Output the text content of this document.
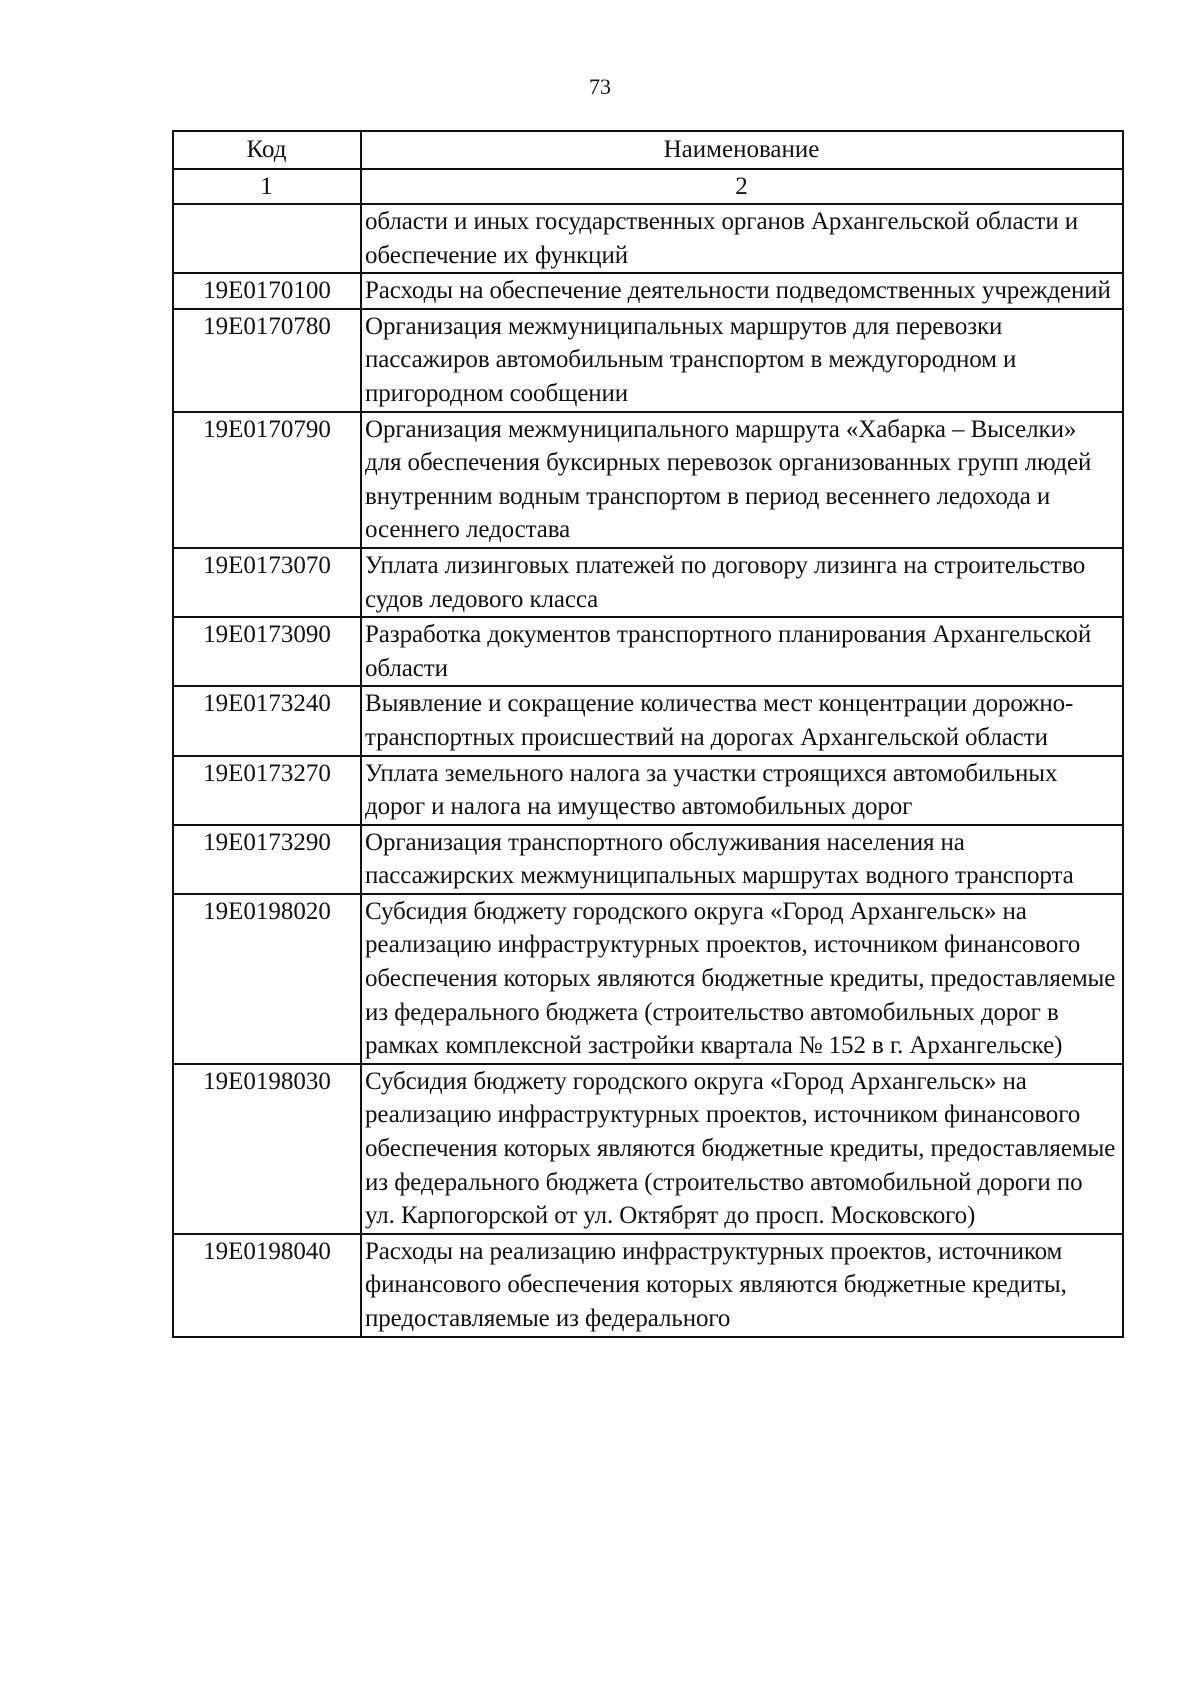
73
Код	Наименование
1	2
	области и иных государственных органов Архангельской области и обеспечение их функций
19Е0170100	Расходы на обеспечение деятельности подведомственных учреждений
19Е0170780	Организация межмуниципальных маршрутов для перевозки пассажиров автомобильным транспортом в междугородном и пригородном сообщении
19Е0170790	Организация межмуниципального маршрута «Хабарка – Выселки» для обеспечения буксирных перевозок организованных групп людей внутренним водным транспортом в период весеннего ледохода и осеннего ледостава
19Е0173070	Уплата лизинговых платежей по договору лизинга на строительство судов ледового класса
19Е0173090	Разработка документов транспортного планирования Архангельской области
19Е0173240	Выявление и сокращение количества мест концентрации дорожно-транспортных происшествий на дорогах Архангельской области
19Е0173270	Уплата земельного налога за участки строящихся автомобильных дорог и налога на имущество автомобильных дорог
19Е0173290	Организация транспортного обслуживания населения на пассажирских межмуниципальных маршрутах водного транспорта
19Е0198020	Субсидия бюджету городского округа «Город Архангельск» на реализацию инфраструктурных проектов, источником финансового обеспечения которых являются бюджетные кредиты, предоставляемые из федерального бюджета (строительство автомобильных дорог в рамках комплексной застройки квартала № 152 в г. Архангельске)
19Е0198030	Субсидия бюджету городского округа «Город Архангельск» на реализацию инфраструктурных проектов, источником финансового обеспечения которых являются бюджетные кредиты, предоставляемые из федерального бюджета (строительство автомобильной дороги по ул. Карпогорской от ул. Октябрят до просп. Московского)
19Е0198040	Расходы на реализацию инфраструктурных проектов, источником финансового обеспечения которых являются бюджетные кредиты, предоставляемые из федерального
